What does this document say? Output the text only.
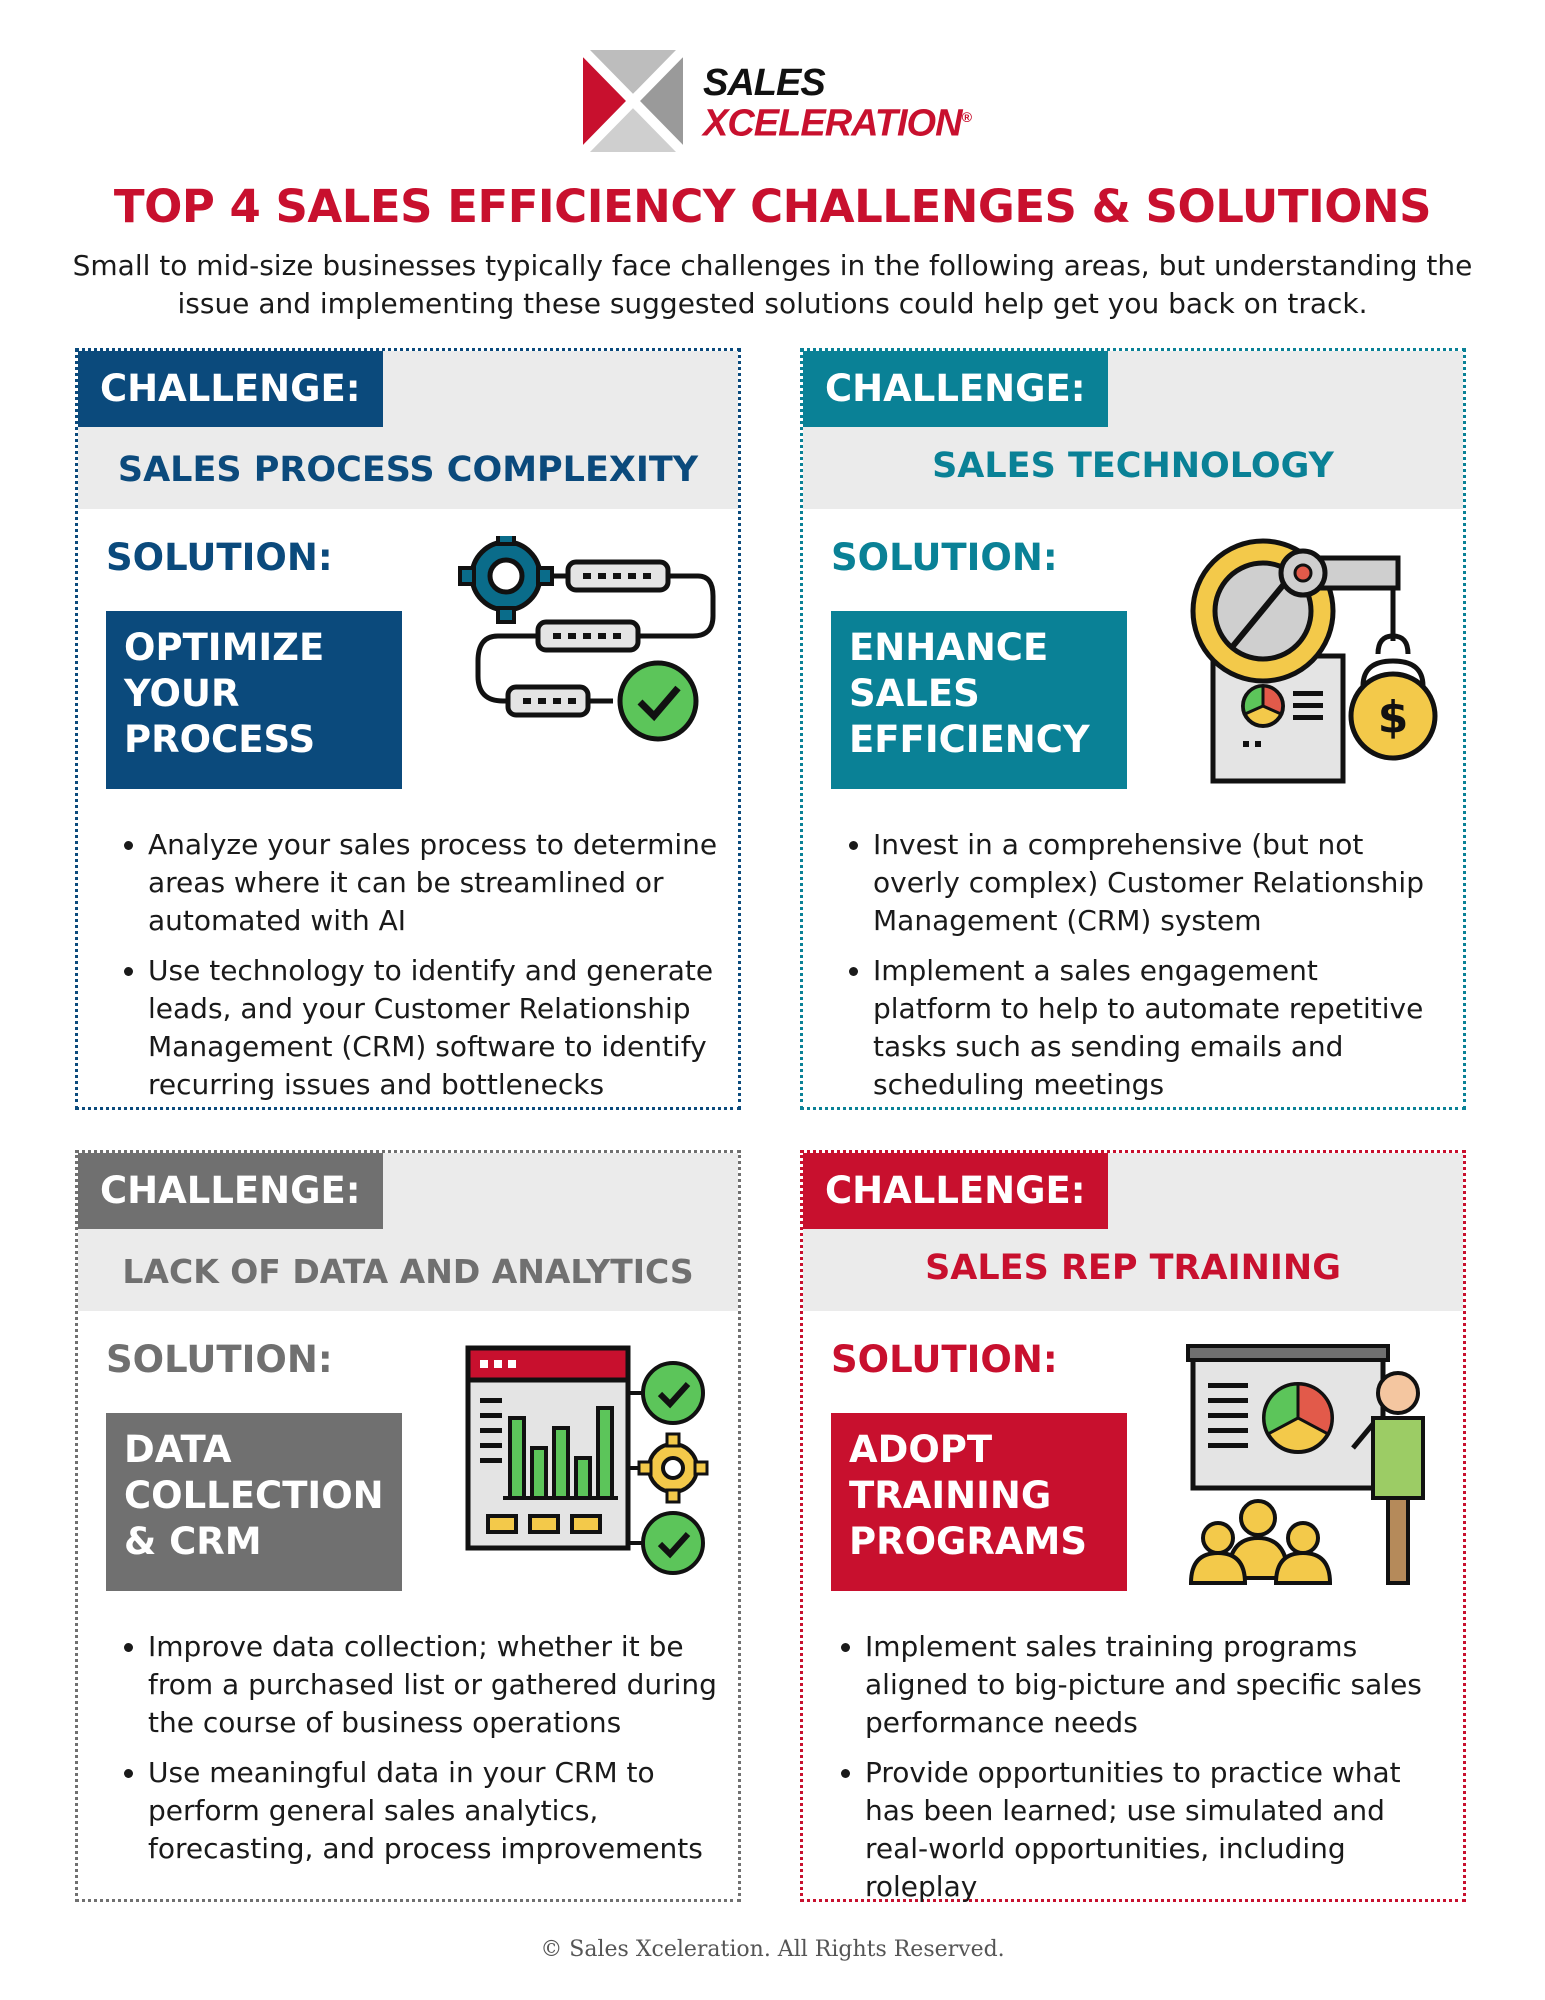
SALES
XCELERATION®
TOP 4 SALES EFFICIENCY CHALLENGES & SOLUTIONS
Small to mid-size businesses typically face challenges in the following areas, but understanding the issue and implementing these suggested solutions could help get you back on track.
CHALLENGE:
SALES PROCESS COMPLEXITY
SOLUTION:
OPTIMIZE YOUR PROCESS
• Analyze your sales process to determine areas where it can be streamlined or automated with AI
• Use technology to identify and generate leads, and your Customer Relationship Management (CRM) software to identify recurring issues and bottlenecks
CHALLENGE:
SALES TECHNOLOGY
SOLUTION:
ENHANCE SALES EFFICIENCY	$
• Invest in a comprehensive (but not overly complex) Customer Relationship Management (CRM) system
• Implement a sales engagement platform to help to automate repetitive tasks such as sending emails and scheduling meetings
CHALLENGE:
LACK OF DATA AND ANALYTICS
SOLUTION:
DATA COLLECTION & CRM
• Improve data collection; whether it be from a purchased list or gathered during the course of business operations
• Use meaningful data in your CRM to perform general sales analytics, forecasting, and process improvements
CHALLENGE:
SALES REP TRAINING
SOLUTION:
ADOPT TRAINING PROGRAMS
• Implement sales training programs aligned to big-picture and specific sales performance needs
• Provide opportunities to practice what has been learned; use simulated and real-world opportunities, including roleplay
© Sales Xceleration. All Rights Reserved.
